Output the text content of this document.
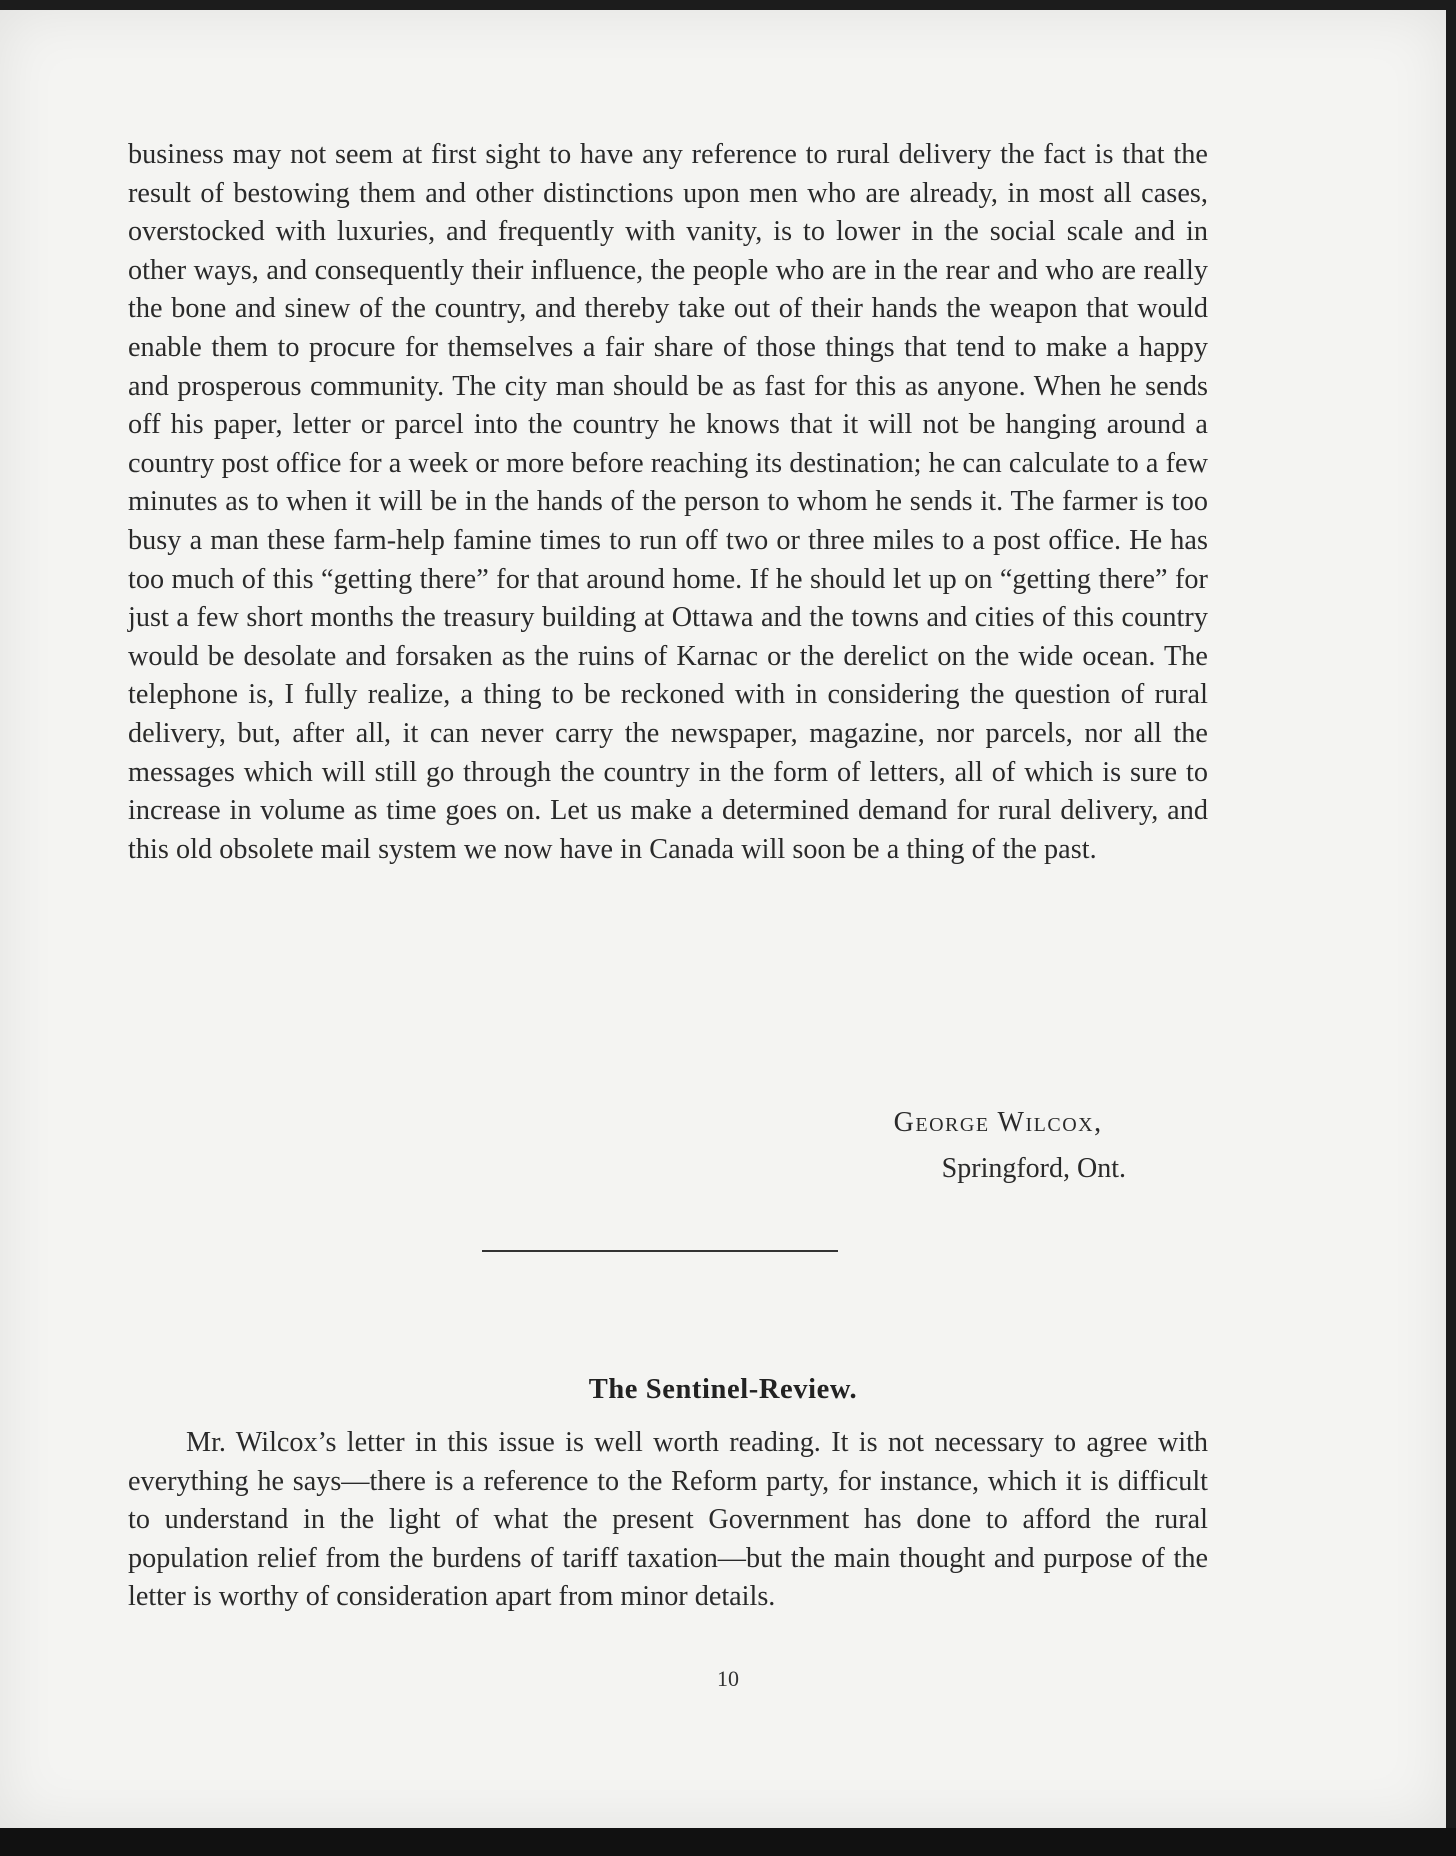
business may not seem at first sight to have any reference to rural delivery the fact is that the result of bestowing them and other distinctions upon men who are already, in most all cases, overstocked with luxuries, and frequently with vanity, is to lower in the social scale and in other ways, and consequently their influence, the people who are in the rear and who are really the bone and sinew of the country, and thereby take out of their hands the weapon that would enable them to procure for themselves a fair share of those things that tend to make a happy and prosperous community. The city man should be as fast for this as anyone. When he sends off his paper, letter or parcel into the country he knows that it will not be hanging around a country post office for a week or more before reaching its destination; he can calculate to a few minutes as to when it will be in the hands of the person to whom he sends it. The farmer is too busy a man these farm-help famine times to run off two or three miles to a post office. He has too much of this “getting there” for that around home. If he should let up on “getting there” for just a few short months the treasury building at Ottawa and the towns and cities of this country would be desolate and forsaken as the ruins of Karnac or the derelict on the wide ocean. The telephone is, I fully realize, a thing to be reckoned with in considering the question of rural delivery, but, after all, it can never carry the newspaper, magazine, nor parcels, nor all the messages which will still go through the country in the form of letters, all of which is sure to increase in volume as time goes on. Let us make a determined demand for rural delivery, and this old obsolete mail system we now have in Canada will soon be a thing of the past.

George Wilcox,
Springford, Ont.
The Sentinel-Review.

Mr. Wilcox’s letter in this issue is well worth reading. It is not necessary to agree with everything he says—there is a reference to the Reform party, for instance, which it is difficult to understand in the light of what the present Government has done to afford the rural population relief from the burdens of tariff taxation—but the main thought and purpose of the letter is worthy of consideration apart from minor details.

10
